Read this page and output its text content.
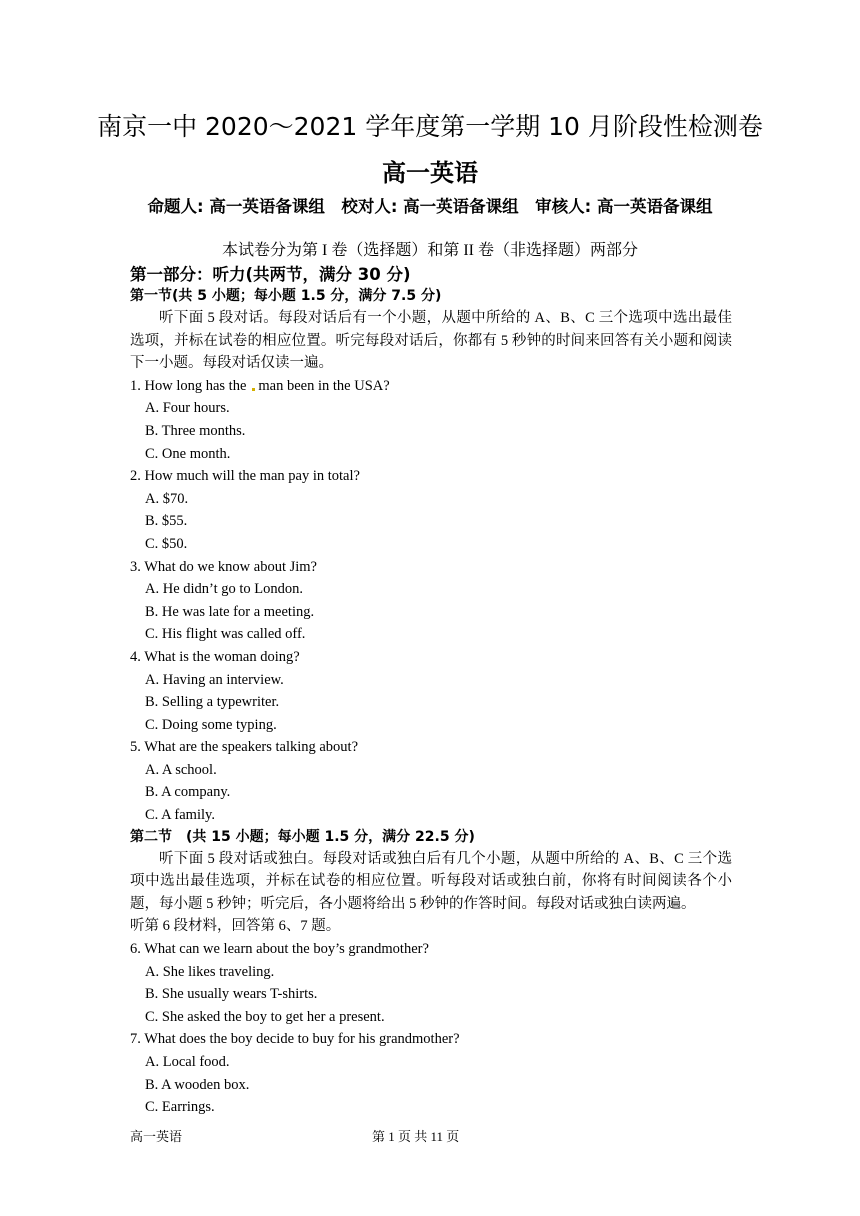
南京一中 2020～2021 学年度第一学期 10 月阶段性检测卷
高一英语
命题人: 高一英语备课组　校对人: 高一英语备课组　审核人: 高一英语备课组
本试卷分为第 I 卷（选择题）和第 II 卷（非选择题）两部分

第一部分：听力(共两节，满分 30 分)

第一节(共 5 小题；每小题 1.5 分，满分 7.5 分)

听下面 5 段对话。每段对话后有一个小题，从题中所给的 A、B、C 三个选项中选出最佳选项，并标在试卷的相应位置。听完每段对话后，你都有 5 秒钟的时间来回答有关小题和阅读下一小题。每段对话仅读一遍。

1. How long has the man been in the USA?

A. Four hours.

B. Three months.

C. One month.

2. How much will the man pay in total?

A. $70.

B. $55.

C. $50.

3. What do we know about Jim?

A. He didn’t go to London.

B. He was late for a meeting.

C. His flight was called off.

4. What is the woman doing?

A. Having an interview.

B. Selling a typewriter.

C. Doing some typing.

5. What are the speakers talking about?

A. A school.

B. A company.

C. A family.

第二节　(共 15 小题；每小题 1.5 分，满分 22.5 分)

听下面 5 段对话或独白。每段对话或独白后有几个小题，从题中所给的 A、B、C 三个选项中选出最佳选项，并标在试卷的相应位置。听每段对话或独白前，你将有时间阅读各个小题，每小题 5 秒钟；听完后，各小题将给出 5 秒钟的作答时间。每段对话或独白读两遍。

听第 6 段材料，回答第 6、7 题。

6. What can we learn about the boy’s grandmother?

A. She likes traveling.

B. She usually wears T-shirts.

C. She asked the boy to get her a present.

7. What does the boy decide to buy for his grandmother?

A. Local food.

B. A wooden box.

C. Earrings.

高一英语	第 1 页 共 11 页
